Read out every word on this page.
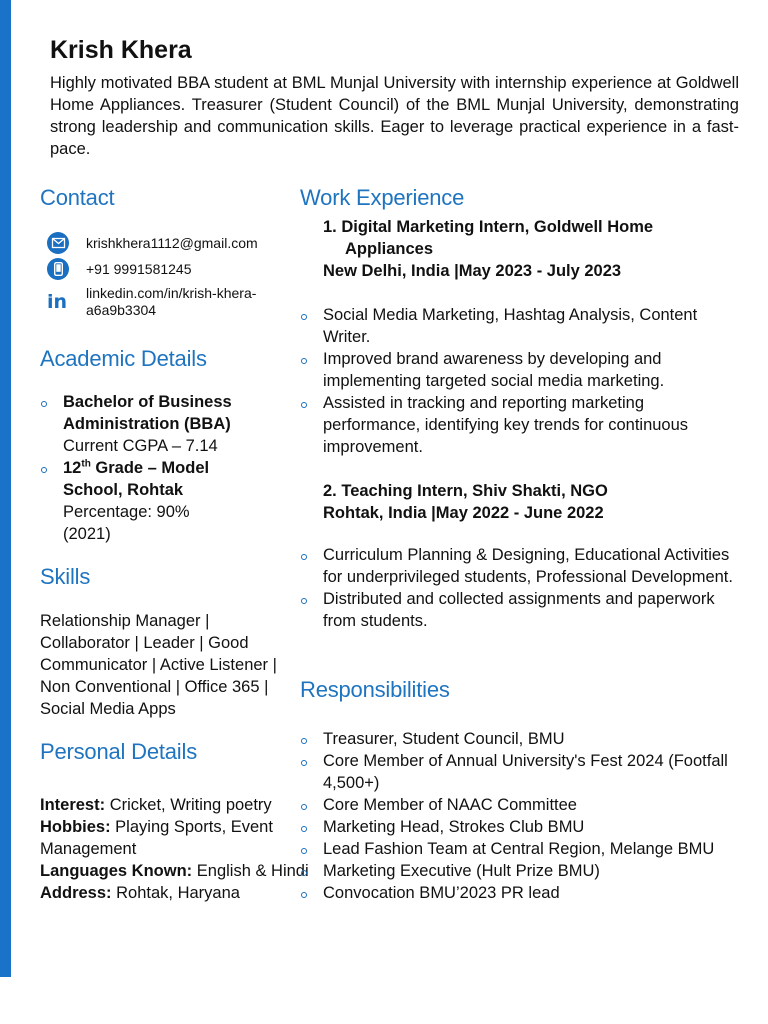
Krish Khera

Highly motivated BBA student at BML Munjal University with internship experience at Goldwell Home Appliances. Treasurer (Student Council) of the BML Munjal University, demonstrating strong leadership and communication skills. Eager to leverage practical experience in a fast-pace.

Contact
krishkhera1112@gmail.com
+91 9991581245
in linkedin.com/in/krish-khera-
a6a9b3304
Academic Details
Bachelor of Business
Administration (BBA)
Current CGPA – 7.14
12th Grade – Model
School, Rohtak
Percentage: 90%
(2021)
Skills
Relationship Manager | Collaborator | Leader | Good Communicator | Active Listener | Non Conventional | Office 365 | Social Media Apps
Personal Details

Interest: Cricket, Writing poetry

Hobbies: Playing Sports, Event Management

Languages Known: English & Hindi

Address: Rohtak, Haryana

Work Experience
1. Digital Marketing Intern, Goldwell Home
Appliances
New Delhi, India |May 2023 - July 2023
Social Media Marketing, Hashtag Analysis, Content Writer.
Improved brand awareness by developing and implementing targeted social media marketing.
Assisted in tracking and reporting marketing performance, identifying key trends for continuous improvement.
2. Teaching Intern, Shiv Shakti, NGO
Rohtak, India |May 2022 - June 2022
Curriculum Planning & Designing, Educational Activities for underprivileged students, Professional Development.
Distributed and collected assignments and paperwork from students.
Responsibilities
Treasurer, Student Council, BMU
Core Member of Annual University's Fest 2024 (Footfall 4,500+)
Core Member of NAAC Committee
Marketing Head, Strokes Club BMU
Lead Fashion Team at Central Region, Melange BMU
Marketing Executive (Hult Prize BMU)
Convocation BMU’2023 PR lead
